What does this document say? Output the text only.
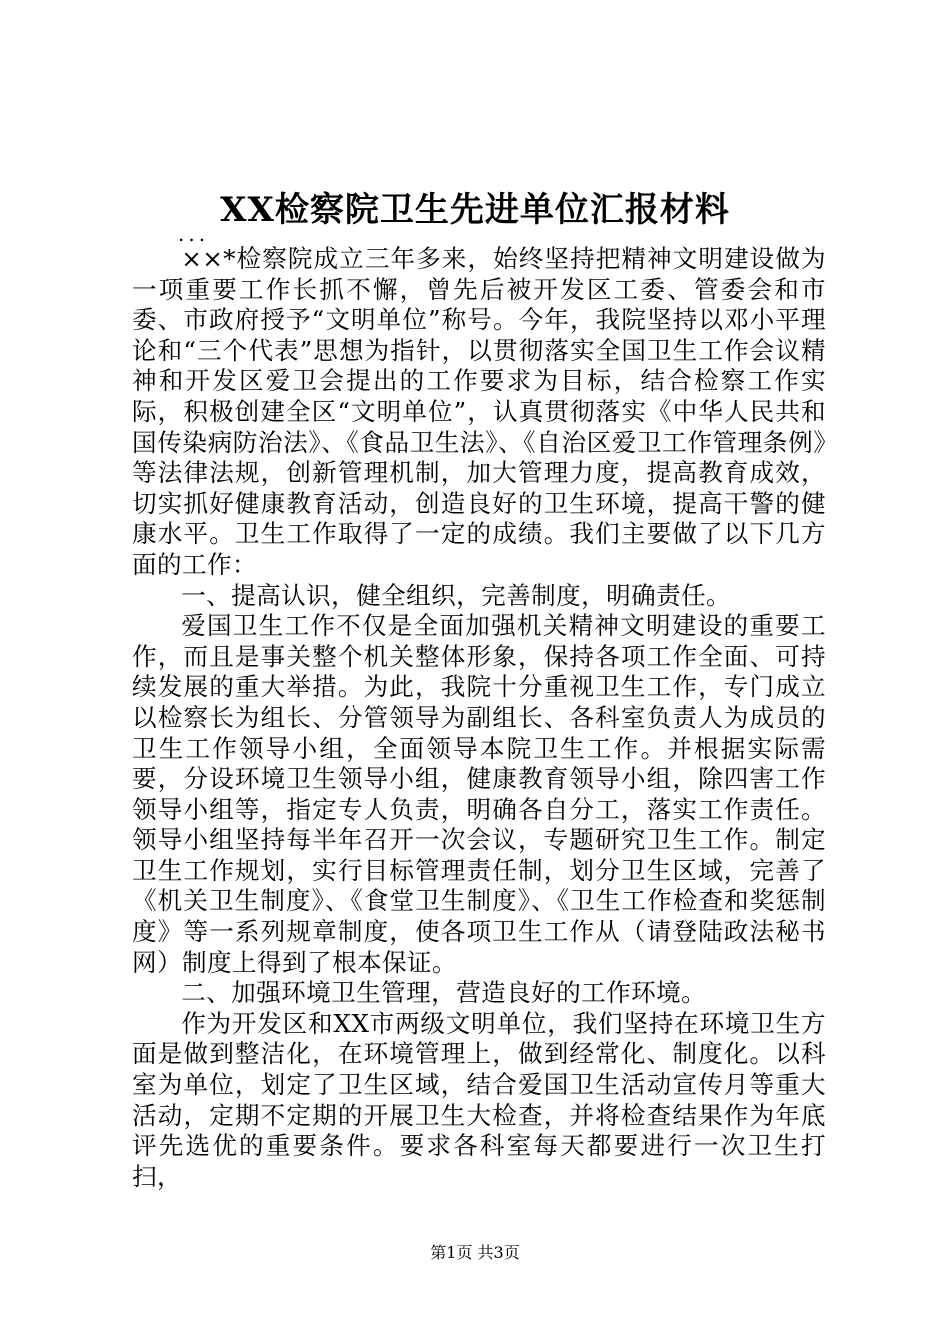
XX检察院卫生先进单位汇报材料
...

××*检察院成立三年多来，始终坚持把精神文明建设做为一项重要工作长抓不懈，曾先后被开发区工委、管委会和市委、市政府授予“文明单位”称号。今年，我院坚持以邓小平理论和“三个代表”思想为指针，以贯彻落实全国卫生工作会议精神和开发区爱卫会提出的工作要求为目标，结合检察工作实际，积极创建全区“文明单位”，认真贯彻落实《中华人民共和国传染病防治法》、《食品卫生法》、《自治区爱卫工作管理条例》等法律法规，创新管理机制，加大管理力度，提高教育成效，切实抓好健康教育活动，创造良好的卫生环境，提高干警的健康水平。卫生工作取得了一定的成绩。我们主要做了以下几方面的工作：

一、提高认识，健全组织，完善制度，明确责任。

爱国卫生工作不仅是全面加强机关精神文明建设的重要工作，而且是事关整个机关整体形象，保持各项工作全面、可持续发展的重大举措。为此，我院十分重视卫生工作，专门成立以检察长为组长、分管领导为副组长、各科室负责人为成员的卫生工作领导小组，全面领导本院卫生工作。并根据实际需要，分设环境卫生领导小组，健康教育领导小组，除四害工作领导小组等，指定专人负责，明确各自分工，落实工作责任。领导小组坚持每半年召开一次会议，专题研究卫生工作。制定卫生工作规划，实行目标管理责任制，划分卫生区域，完善了《机关卫生制度》、《食堂卫生制度》、《卫生工作检查和奖惩制度》等一系列规章制度，使各项卫生工作从（请登陆政法秘书网）制度上得到了根本保证。

二、加强环境卫生管理，营造良好的工作环境。

作为开发区和XX市两级文明单位，我们坚持在环境卫生方面是做到整洁化，在环境管理上，做到经常化、制度化。以科室为单位，划定了卫生区域，结合爱国卫生活动宣传月等重大活动，定期不定期的开展卫生大检查，并将检查结果作为年底评先选优的重要条件。要求各科室每天都要进行一次卫生打扫，

第1页 共3页
